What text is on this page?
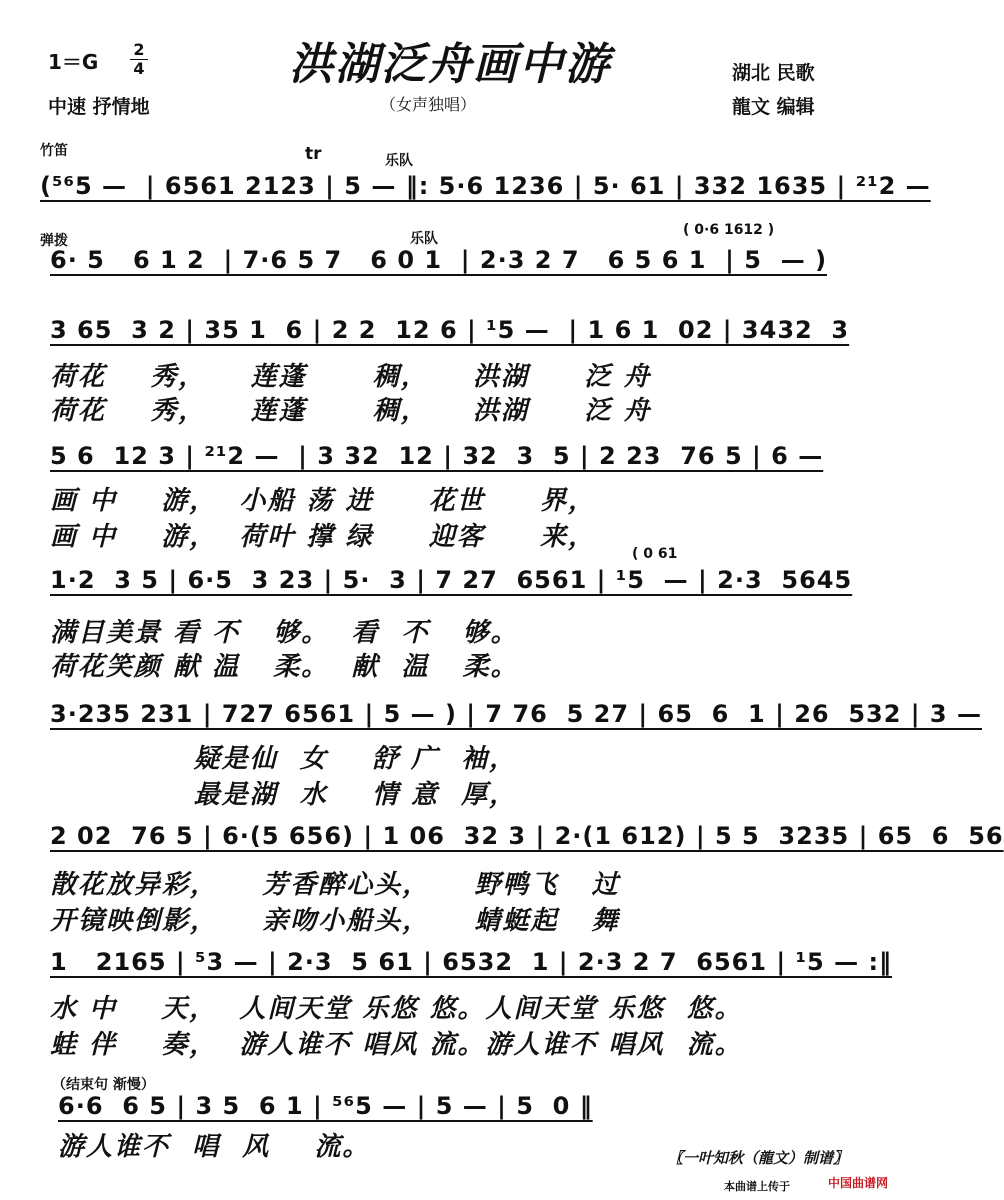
1＝G
2
4	洪湖泛舟画中游
中速 抒情地	（女声独唱）
湖北 民歌
龍文 编辑
竹笛	tr	乐队
(⁵⁶5 —  | 6561 2123 | 5 — ‖: 5·6 1236 | 5· 61 | 332 1635 | ²¹2 —
弹拨	乐队
( 0·6 1612 )
6· 5   6 1 2  | 7·6 5 7   6 0 1  | 2·3 2 7   6 5 6 1  | 5  — )
3 65  3 2 | 35 1  6 | 2 2  12 6 | ¹5 —  | 1 6 1  02 | 3432  3
荷花    秀，    莲蓬      稠，    洪湖     泛 舟
荷花    秀，    莲蓬      稠，    洪湖     泛 舟
5 6  12 3 | ²¹2 —  | 3 32  12 | 32  3  5 | 2 23  76 5 | 6 —
画 中    游，  小船 荡 进     花世     界，
画 中    游，  荷叶 撑 绿     迎客     来，
( 0 61
1·2  3 5 | 6·5  3 23 | 5·  3 | 7 27  6561 | ¹5  — | 2·3  5645
满目美景 看 不   够。  看  不   够。
荷花笑颜 献 温   柔。  献  温   柔。
3·235 231 | 727 6561 | 5 — ) | 7 76  5 27 | 65  6  1 | 26  532 | 3 —
疑是仙  女    舒 广  袖，
最是湖  水    情 意  厚，
2 02  76 5 | 6·(5 656) | 1 06  32 3 | 2·(1 612) | 5 5  3235 | 65  6  56
散花放异彩，    芳香醉心头，    野鸭飞   过
开镜映倒影，    亲吻小船头，    蜻蜓起   舞
1   2165 | ⁵3 — | 2·3  5 61 | 6532  1 | 2·3 2 7  6561 | ¹5 — :‖
水 中    天，  人间天堂 乐悠 悠。人间天堂 乐悠  悠。
蛙 伴    奏，  游人谁不 唱风 流。游人谁不 唱风  流。
（结束句 渐慢）
6·6  6 5 | 3 5  6 1 | ⁵⁶5 — | 5 — | 5  0 ‖
游人谁不  唱  风    流。	〖一叶知秋（龍文）制谱〗
本曲谱上传于	中国曲谱网
